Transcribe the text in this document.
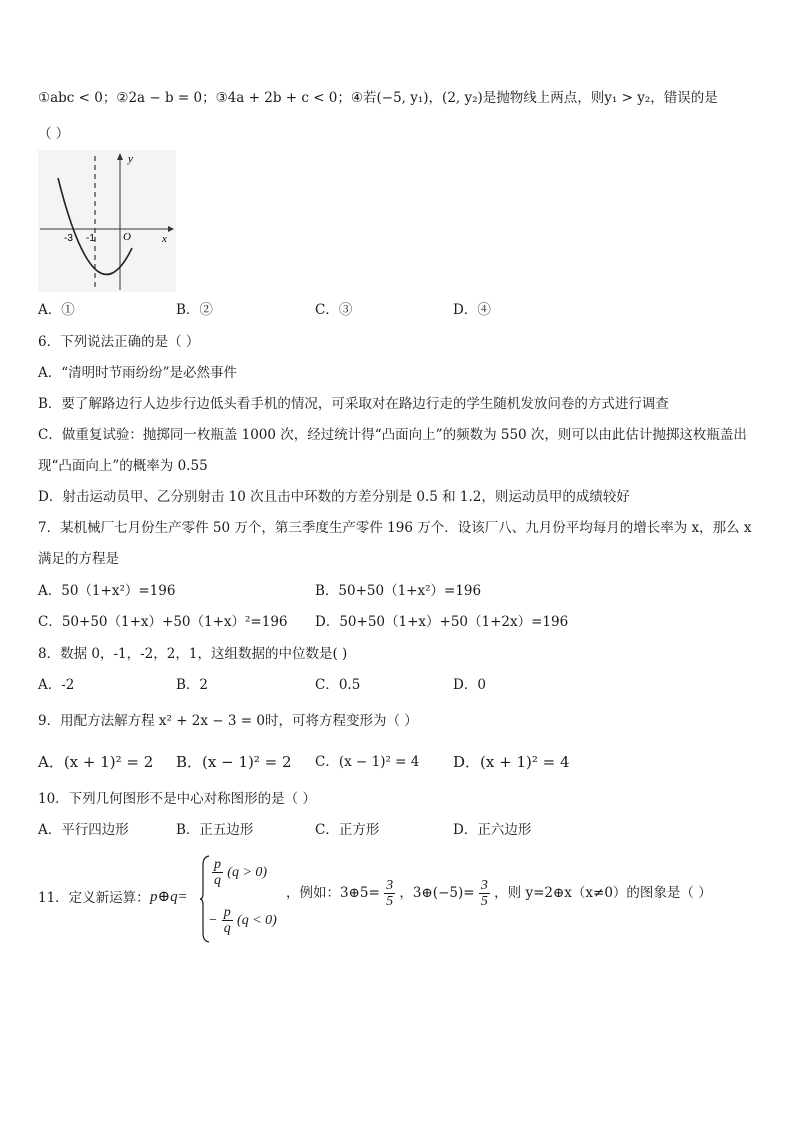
①abc < 0；②2a − b = 0；③4a + 2b + c < 0；④若(−5, y₁)，(2, y₂)是抛物线上两点，则y₁ > y₂，错误的是
（ ）
y
x
O
-3 -1
A．①	B．②	C．③	D．④
6．下列说法正确的是（ ）
A．“清明时节雨纷纷”是必然事件
B．要了解路边行人边步行边低头看手机的情况，可采取对在路边行走的学生随机发放问卷的方式进行调查
C．做重复试验：抛掷同一枚瓶盖 1000 次，经过统计得“凸面向上”的频数为 550 次，则可以由此估计抛掷这枚瓶盖出
现“凸面向上”的概率为 0.55
D．射击运动员甲、乙分别射击 10 次且击中环数的方差分别是 0.5 和 1.2，则运动员甲的成绩较好
7．某机械厂七月份生产零件 50 万个，第三季度生产零件 196 万个．设该厂八、九月份平均每月的增长率为 x，那么 x
满足的方程是
A．50（1+x²）=196	B．50+50（1+x²）=196
C．50+50（1+x）+50（1+x）²=196 D．50+50（1+x）+50（1+2x）=196
8．数据 0，-1，-2，2，1，这组数据的中位数是( )
A．-2	B．2	C．0.5	D．0
9．用配方法解方程 x² + 2x − 3 = 0时，可将方程变形为（ ）
A．(x + 1)² = 2 B．(x − 1)² = 2 C．(x − 1)² = 4 D．(x + 1)² = 4
10．下列几何图形不是中心对称图形的是（ ）
A．平行四边形	B．正五边形	C．正方形	D．正六边形
11．定义新运算： p⊕q=
$\frac{p}{q} (q > 0)$
− $\frac{p}{q} (q < 0)$
，例如：3⊕5= $\frac{3}{5}$ ，3⊕(−5)= $\frac{3}{5}$ ，则 y=2⊕x（x≠0）的图象是（ ）
